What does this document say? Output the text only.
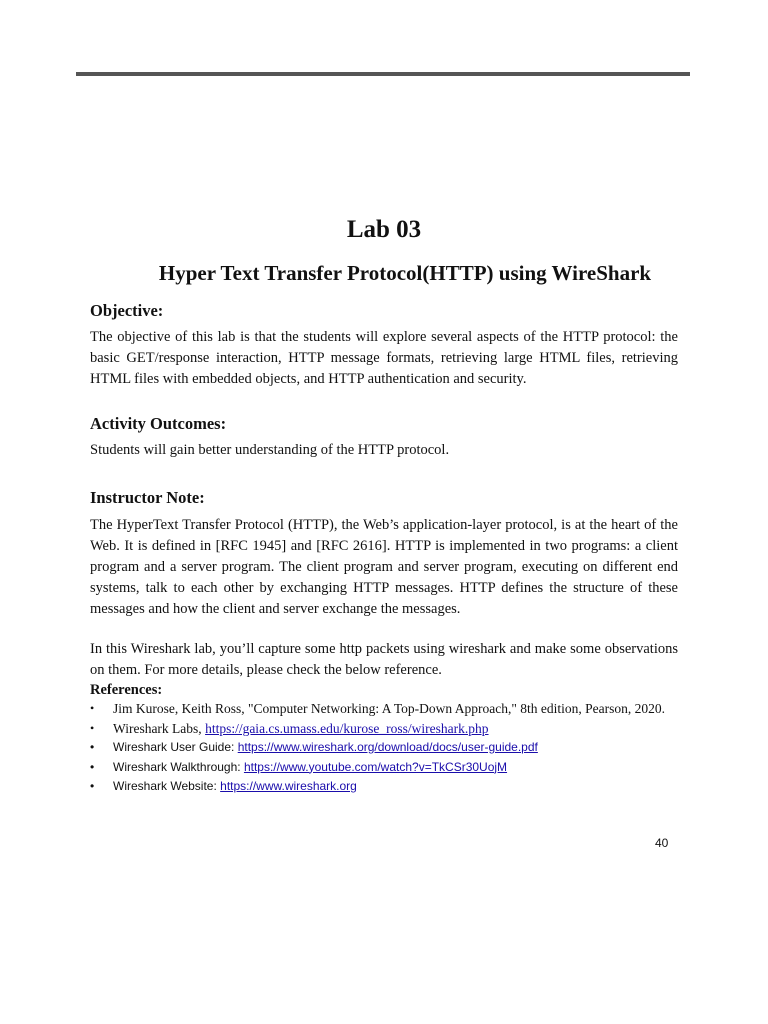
Lab 03
Hyper Text Transfer Protocol(HTTP) using WireShark
Objective:

The objective of this lab is that the students will explore several aspects of the HTTP protocol: the basic GET/response interaction, HTTP message formats, retrieving large HTML files, retrieving HTML files with embedded objects, and HTTP authentication and security.

Activity Outcomes:

Students will gain better understanding of the HTTP protocol.

Instructor Note:

The HyperText Transfer Protocol (HTTP), the Web’s application-layer protocol, is at the heart of the Web. It is defined in [RFC 1945] and [RFC 2616]. HTTP is implemented in two programs: a client program and a server program. The client program and server program, executing on different end systems, talk to each other by exchanging HTTP messages. HTTP defines the structure of these messages and how the client and server exchange the messages.

In this Wireshark lab, you’ll capture some http packets using wireshark and make some observations on them. For more details, please check the below reference.

References:
• Jim Kurose, Keith Ross, "Computer Networking: A Top-Down Approach," 8th edition, Pearson, 2020.
• Wireshark Labs, https://gaia.cs.umass.edu/kurose_ross/wireshark.php
• Wireshark User Guide: https://www.wireshark.org/download/docs/user-guide.pdf
• Wireshark Walkthrough: https://www.youtube.com/watch?v=TkCSr30UojM
• Wireshark Website: https://www.wireshark.org
40
